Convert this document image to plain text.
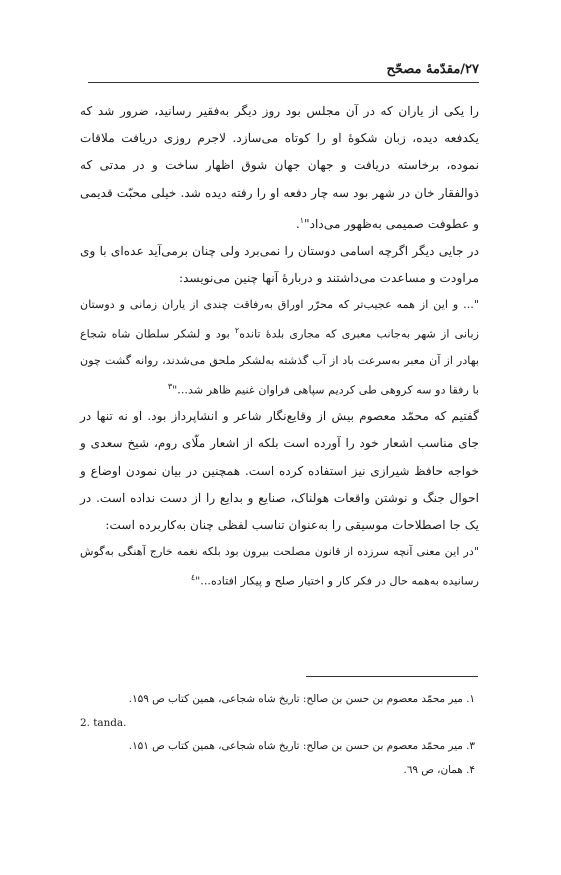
۲۷/مقدّمۀ مصحّح

را یکی از یاران که در آن مجلس بود روز دیگر به‌فقیر رسانید، ضرور شد که یکدفعه دیده، زبان شکوهٔ او را کوتاه می‌سازد. لاجرم روزی دریافت ملاقات نموده، برخاسته دریافت و جهان جهان شوق اظهار ساخت و در مدتی که ذوالفقار خان در شهر بود سه چار دفعه او را رفته دیده شد. خیلی محبّت قدیمی و عطوفت صمیمی به‌ظهور می‌داد"$^۱$.

در جایی دیگر اگرچه اسامی دوستان را نمی‌برد ولی چنان برمی‌آید عده‌ای با وی مراودت و مساعدت می‌داشتند و دربارهٔ آنها چنین می‌نویسد:

"... و این از همه عجیب‌تر که محرّر اوراق به‌رفاقت چندی از یاران زمانی و دوستان زبانی از شهر به‌جانب معبری که مجاری بلدهٔ تانده$^۲$ بود و لشکر سلطان شاه شجاع بهادر از آن معبر به‌سرعت باد از آب گذشته به‌لشکر ملحق می‌شدند، روانه گشت چون با رفقا دو سه کروهی طی کردیم سپاهی فراوان غنیم ظاهر شد..."$^۳$

گفتیم که محمّد معصوم بیش از وقایع‌نگار شاعر و انشاپرداز بود. او نه تنها در جای مناسب اشعار خود را آورده است بلکه از اشعار ملّای روم، شیخ سعدی و خواجه حافظ شیرازی نیز استفاده کرده است. همچنین در بیان نمودن اوضاع و احوال جنگ و نوشتن واقعات هولناک، صنایع و بدایع را از دست نداده است. در یک جا اصطلاحات موسیقی را به‌عنوان تناسب لفظی چنان به‌کاربرده است:

"در این معنی آنچه سرزده از قانون مصلحت بیرون بود بلکه نغمه خارج آهنگی به‌گوش رسانیده به‌همه حال در فکر کار و اختیار صلح و پیکار افتاده..."$^٤$

۱. میر محمّد معصوم بن حسن بن صالح: تاریخ شاه شجاعی، همین کتاب ص ۱۵۹.
2. tanda.
۳. میر محمّد معصوم بن حسن بن صالح: تاریخ شاه شجاعی، همین کتاب ص ۱۵۱.
۴. همان، ص ٦٩.
